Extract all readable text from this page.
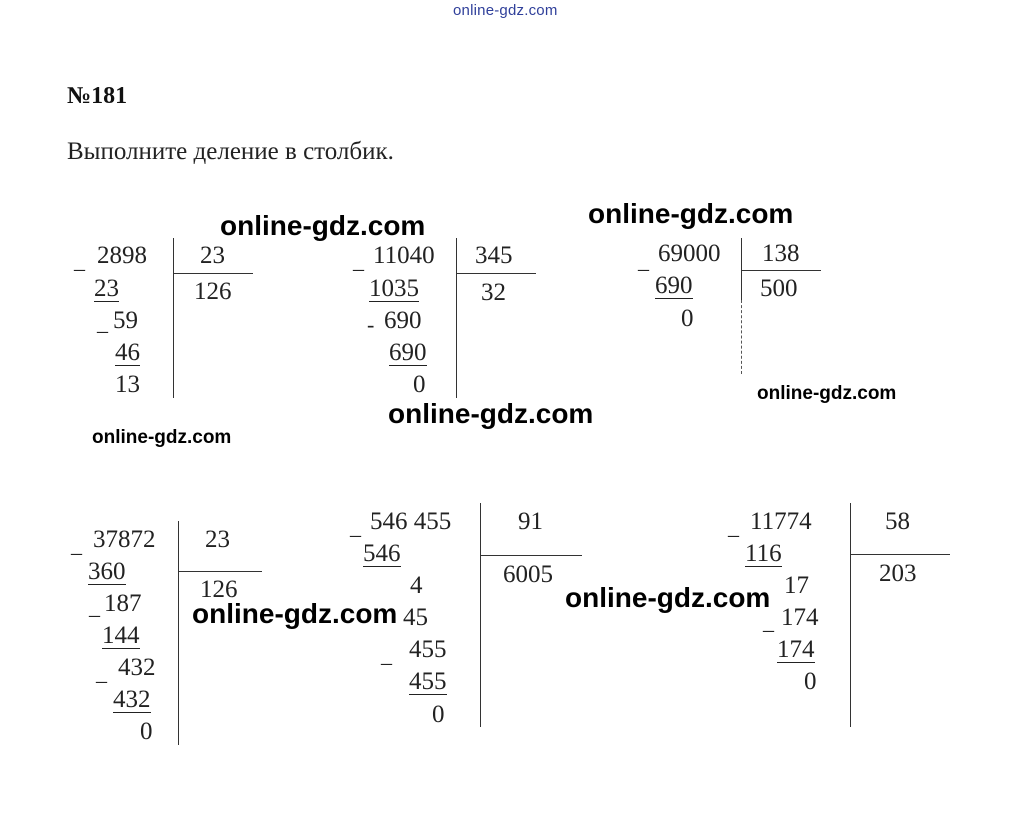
online-gdz.com
№181
Выполните деление в столбик.
_ 2898
23
_ 59
46
13
23
126
_ 11040
1035
- 690
690
0
345
32
_ 69000
690
0
138
500
_ 37872
360
_ 187
144
_ 432
432
0
23
126
_ 546 455
546
4
45
_ 455
455
0
91
6005
_ 11774
116
17
_ 174
174
0
58
203
online-gdz.com	online-gdz.com
online-gdz.com
online-gdz.com
online-gdz.com
online-gdz.com
online-gdz.com
